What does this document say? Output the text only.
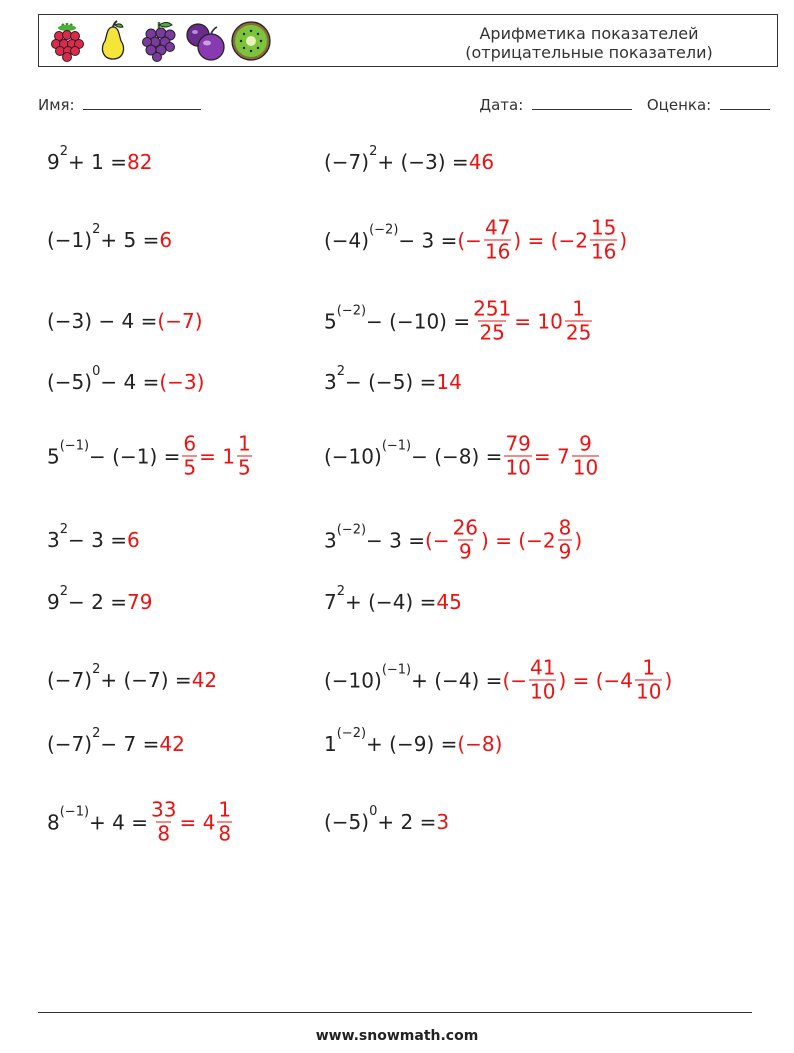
Арифметика показателей
(отрицательные показатели)
Имя:	Дата:	Оценка:
$9^2 + 1 = 82$	$(-7)^2 + (-3) = 46$
$(-1)^2 + 5 = 6$	$(-4)^{(-2)} - 3$ = (− $\frac{47}{16}$ ) = ($-2 \frac{15}{16}$ )
(−3) − 4 = (−7)	$5^{(-2)} - (-10) = \frac{251}{25} = 10 \frac{1}{25}$
$(-5)^0 - 4 = (-3)$	$3^2 - (-5) = 14$
$5^{(-1)} - (-1) = \frac{6}{5} = 1 \frac{1}{5}$	$(-10)^{(-1)} - (-8) = \frac{79}{10} = 7 \frac{9}{10}$
$3^2 - 3 = 6$	$3^{(-2)} - 3$ = (− $\frac{26}{9}$ ) = ($-2 \frac{8}{9}$ )
$9^2 - 2 = 79$	$7^2 + (-4) = 45$
$(-7)^2 + (-7) = 42$	$(-10)^{(-1)} + (-4)$ = (− $\frac{41}{10}$ ) = ($-4 \frac{1}{10}$ )
$(-7)^2 - 7 = 42$	$1^{(-2)} + (-9) = (-8)$
$8^{(-1)} + 4 = \frac{33}{8} = 4 \frac{1}{8}$	$(-5)^0 + 2 = 3$
www.snowmath.com
